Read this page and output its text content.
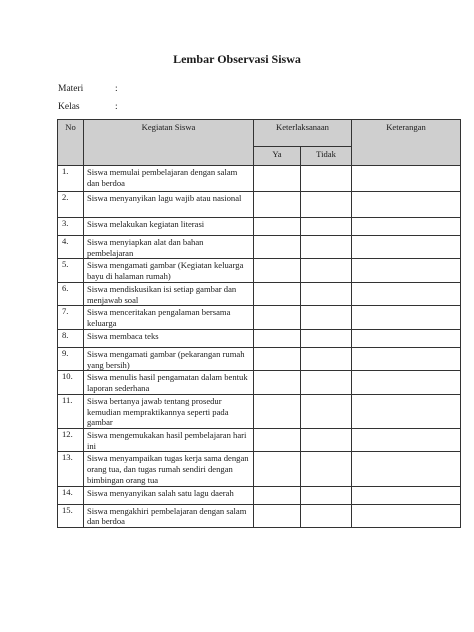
Lembar Observasi Siswa
Materi	:
Kelas	:
No	Kegiatan Siswa	Keterlaksanaan		Keterangan
		Ya	Tidak	
1.	Siswa memulai pembelajaran dengan salam dan berdoa			
2.	Siswa menyanyikan lagu wajib atau nasional			
3.	Siswa melakukan kegiatan literasi			
4.	Siswa menyiapkan alat dan bahan pembelajaran			
5.	Siswa mengamati gambar (Kegiatan keluarga bayu di halaman rumah)			
6.	Siswa mendiskusikan isi setiap gambar dan menjawab soal			
7.	Siswa menceritakan pengalaman bersama keluarga			
8.	Siswa membaca teks			
9.	Siswa mengamati gambar (pekarangan rumah yang bersih)			
10.	Siswa menulis hasil pengamatan dalam bentuk laporan sederhana			
11.	Siswa bertanya jawab tentang prosedur kemudian mempraktikannya seperti pada gambar			
12.	Siswa mengemukakan hasil pembelajaran hari ini			
13.	Siswa menyampaikan tugas kerja sama dengan orang tua, dan tugas rumah sendiri dengan bimbingan orang tua			
14.	Siswa menyanyikan salah satu lagu daerah			
15.	Siswa mengakhiri pembelajaran dengan salam dan berdoa			
